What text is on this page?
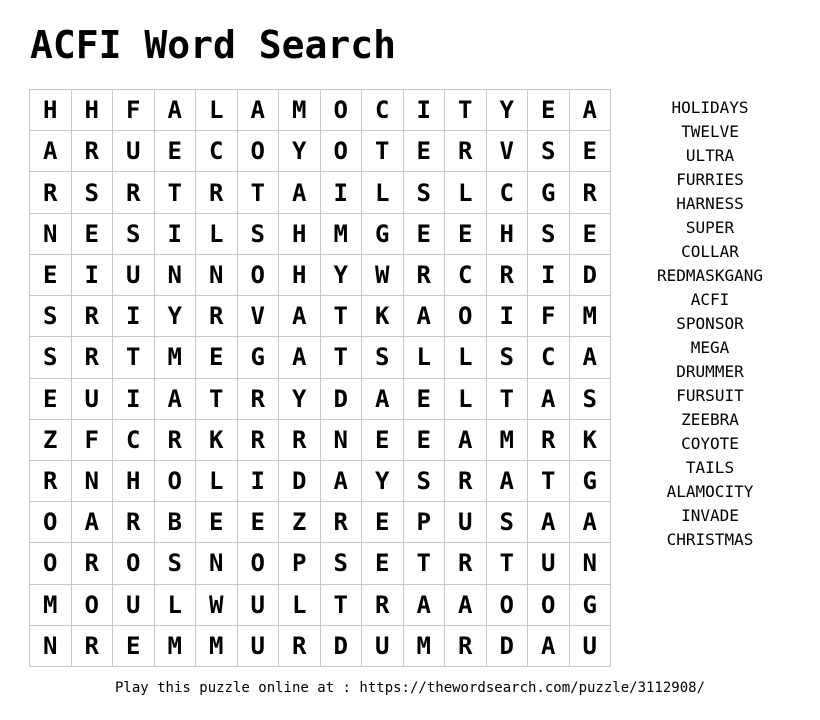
ACFI Word Search
H	H	F	A	L	A	M	O	C	I	T	Y	E	A
A	R	U	E	C	O	Y	O	T	E	R	V	S	E
R	S	R	T	R	T	A	I	L	S	L	C	G	R
N	E	S	I	L	S	H	M	G	E	E	H	S	E
E	I	U	N	N	O	H	Y	W	R	C	R	I	D
S	R	I	Y	R	V	A	T	K	A	O	I	F	M
S	R	T	M	E	G	A	T	S	L	L	S	C	A
E	U	I	A	T	R	Y	D	A	E	L	T	A	S
Z	F	C	R	K	R	R	N	E	E	A	M	R	K
R	N	H	O	L	I	D	A	Y	S	R	A	T	G
O	A	R	B	E	E	Z	R	E	P	U	S	A	A
O	R	O	S	N	O	P	S	E	T	R	T	U	N
M	O	U	L	W	U	L	T	R	A	A	O	O	G
N	R	E	M	M	U	R	D	U	M	R	D	A	U
HOLIDAYS
TWELVE
ULTRA
FURRIES
HARNESS
SUPER
COLLAR
REDMASKGANG
ACFI
SPONSOR
MEGA
DRUMMER
FURSUIT
ZEEBRA
COYOTE
TAILS
ALAMOCITY
INVADE
CHRISTMAS
Play this puzzle online at : https://thewordsearch.com/puzzle/3112908/
